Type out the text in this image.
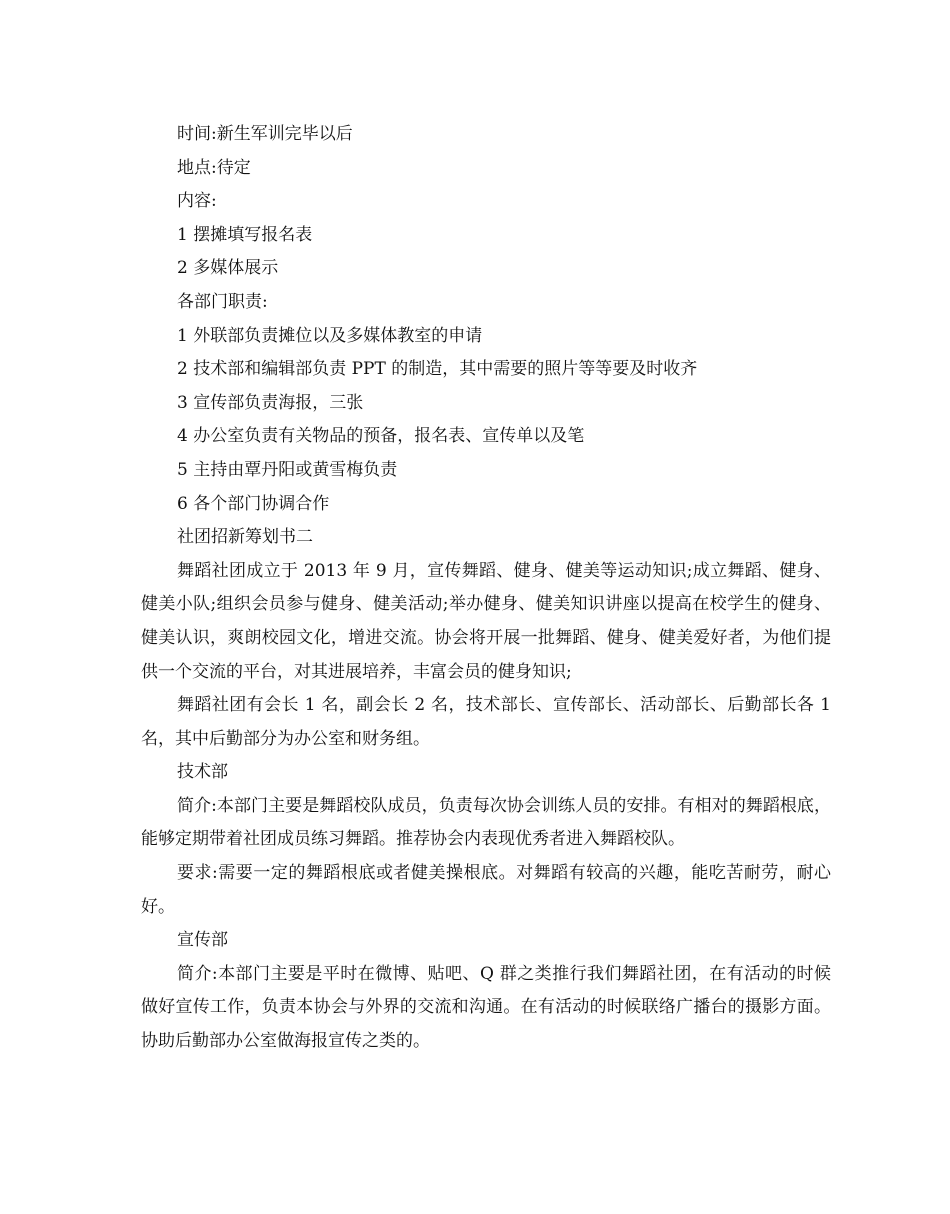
时间:新生军训完毕以后

地点:待定

内容:

1 摆摊填写报名表

2 多媒体展示

各部门职责:

1 外联部负责摊位以及多媒体教室的申请

2 技术部和编辑部负责 PPT 的制造，其中需要的照片等等要及时收齐

3 宣传部负责海报，三张

4 办公室负责有关物品的预备，报名表、宣传单以及笔

5 主持由覃丹阳或黄雪梅负责

6 各个部门协调合作

社团招新筹划书二

舞蹈社团成立于 2013 年 9 月，宣传舞蹈、健身、健美等运动知识;成立舞蹈、健身、健美小队;组织会员参与健身、健美活动;举办健身、健美知识讲座以提高在校学生的健身、健美认识，爽朗校园文化，增进交流。协会将开展一批舞蹈、健身、健美爱好者，为他们提供一个交流的平台，对其进展培养，丰富会员的健身知识;

舞蹈社团有会长 1 名，副会长 2 名，技术部长、宣传部长、活动部长、后勤部长各 1 名，其中后勤部分为办公室和财务组。

技术部

简介:本部门主要是舞蹈校队成员，负责每次协会训练人员的安排。有相对的舞蹈根底，能够定期带着社团成员练习舞蹈。推荐协会内表现优秀者进入舞蹈校队。

要求:需要一定的舞蹈根底或者健美操根底。对舞蹈有较高的兴趣，能吃苦耐劳，耐心好。

宣传部

简介:本部门主要是平时在微博、贴吧、Q 群之类推行我们舞蹈社团，在有活动的时候做好宣传工作，负责本协会与外界的交流和沟通。在有活动的时候联络广播台的摄影方面。协助后勤部办公室做海报宣传之类的。
